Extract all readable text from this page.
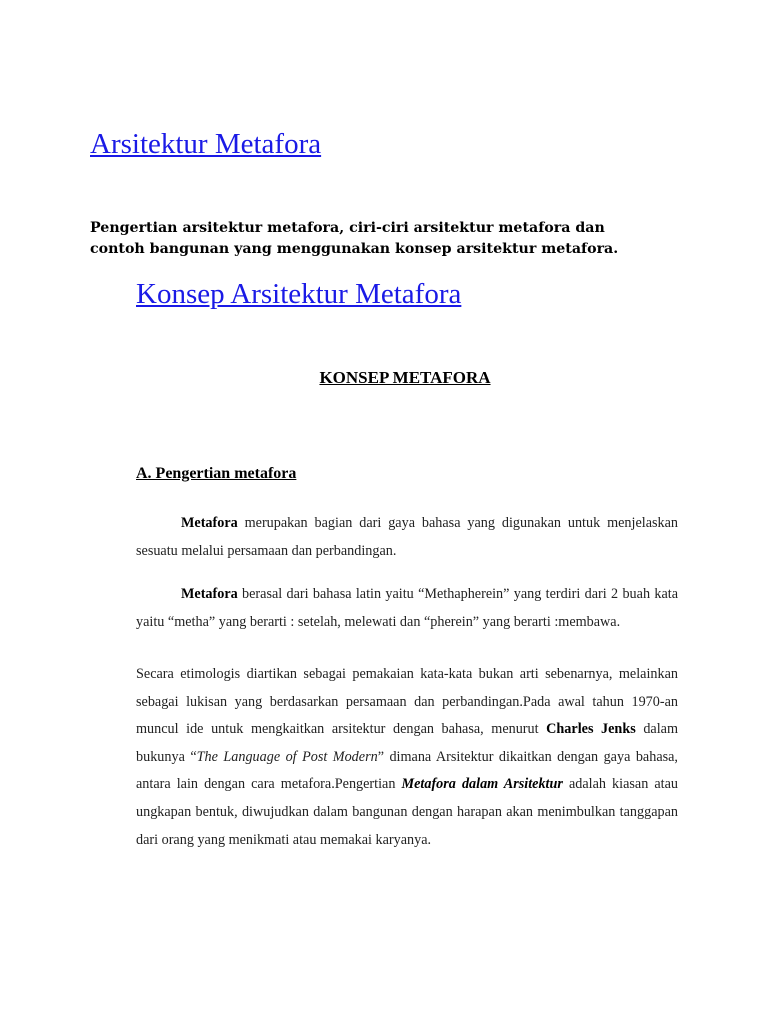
Arsitektur Metafora
Pengertian arsitektur metafora, ciri-ciri arsitektur metafora dan contoh bangunan yang menggunakan konsep arsitektur metafora.
Konsep Arsitektur Metafora
KONSEP METAFORA
A. Pengertian metafora
Metafora merupakan bagian dari gaya bahasa yang digunakan untuk menjelaskan sesuatu melalui persamaan dan perbandingan.
Metafora berasal dari bahasa latin yaitu “Methapherein” yang terdiri dari 2 buah kata yaitu “metha” yang berarti : setelah, melewati dan “pherein” yang berarti :membawa.
Secara etimologis diartikan sebagai pemakaian kata-kata bukan arti sebenarnya, melainkan sebagai lukisan yang berdasarkan persamaan dan perbandingan.Pada awal tahun 1970-an muncul ide untuk mengkaitkan arsitektur dengan bahasa, menurut Charles Jenks dalam bukunya “The Language of Post Modern” dimana Arsitektur dikaitkan dengan gaya bahasa, antara lain dengan cara metafora.Pengertian Metafora dalam Arsitektur adalah kiasan atau ungkapan bentuk, diwujudkan dalam bangunan dengan harapan akan menimbulkan tanggapan dari orang yang menikmati atau memakai karyanya.
